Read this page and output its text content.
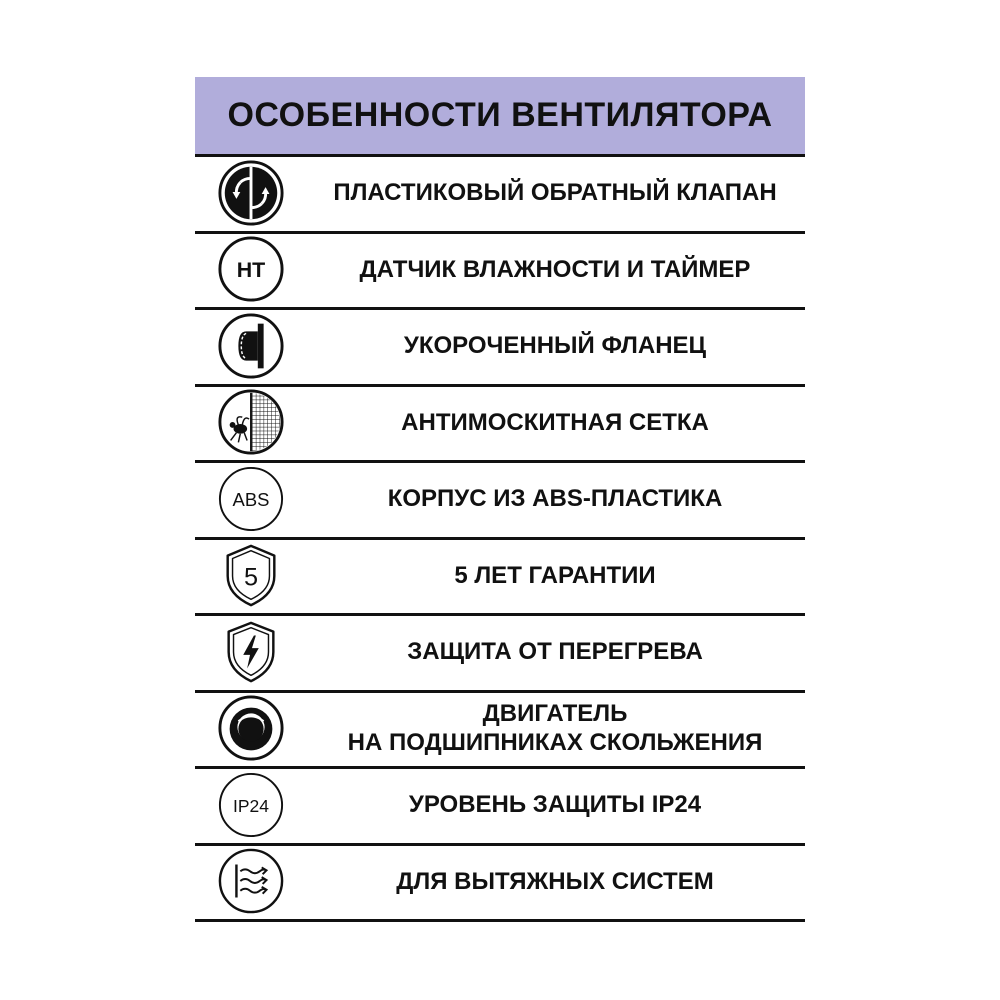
ОСОБЕННОСТИ ВЕНТИЛЯТОРА
ПЛАСТИКОВЫЙ ОБРАТНЫЙ КЛАПАН
HT	ДАТЧИК ВЛАЖНОСТИ И ТАЙМЕР
УКОРОЧЕННЫЙ ФЛАНЕЦ
АНТИМОСКИТНАЯ СЕТКА
ABS	КОРПУС ИЗ ABS-ПЛАСТИКА
5	5 ЛЕТ ГАРАНТИИ
ЗАЩИТА ОТ ПЕРЕГРЕВА
ДВИГАТЕЛЬ
НА ПОДШИПНИКАХ СКОЛЬЖЕНИЯ
IP24	УРОВЕНЬ ЗАЩИТЫ IP24
ДЛЯ ВЫТЯЖНЫХ СИСТЕМ
